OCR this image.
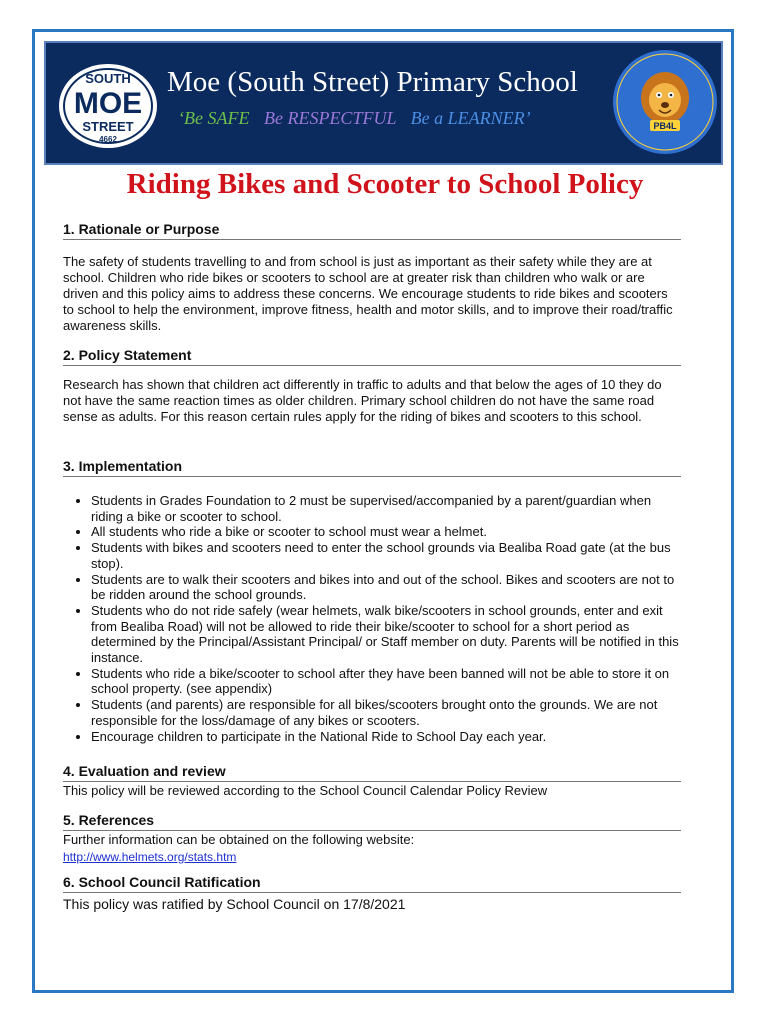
SOUTH
MOE
STREET
4662
Moe (South Street) Primary School
‘Be SAFE Be RESPECTFUL Be a LEARNER’	PB4L
Riding Bikes and Scooter to School Policy
1. Rationale or Purpose
The safety of students travelling to and from school is just as important as their safety while they are at school. Children who ride bikes or scooters to school are at greater risk than children who walk or are driven and this policy aims to address these concerns. We encourage students to ride bikes and scooters to school to help the environment, improve fitness, health and motor skills, and to improve their road/traffic awareness skills.
2. Policy Statement
Research has shown that children act differently in traffic to adults and that below the ages of 10 they do not have the same reaction times as older children. Primary school children do not have the same road sense as adults. For this reason certain rules apply for the riding of bikes and scooters to this school.
3. Implementation
• Students in Grades Foundation to 2 must be supervised/accompanied by a parent/guardian when riding a bike or scooter to school.
• All students who ride a bike or scooter to school must wear a helmet.
• Students with bikes and scooters need to enter the school grounds via Bealiba Road gate (at the bus stop).
• Students are to walk their scooters and bikes into and out of the school. Bikes and scooters are not to be ridden around the school grounds.
• Students who do not ride safely (wear helmets, walk bike/scooters in school grounds, enter and exit from Bealiba Road) will not be allowed to ride their bike/scooter to school for a short period as determined by the Principal/Assistant Principal/ or Staff member on duty. Parents will be notified in this instance.
• Students who ride a bike/scooter to school after they have been banned will not be able to store it on school property. (see appendix)
• Students (and parents) are responsible for all bikes/scooters brought onto the grounds. We are not responsible for the loss/damage of any bikes or scooters.
• Encourage children to participate in the National Ride to School Day each year.
4. Evaluation and review
This policy will be reviewed according to the School Council Calendar Policy Review
5. References
Further information can be obtained on the following website:
http://www.helmets.org/stats.htm
6. School Council Ratification
This policy was ratified by School Council on 17/8/2021
